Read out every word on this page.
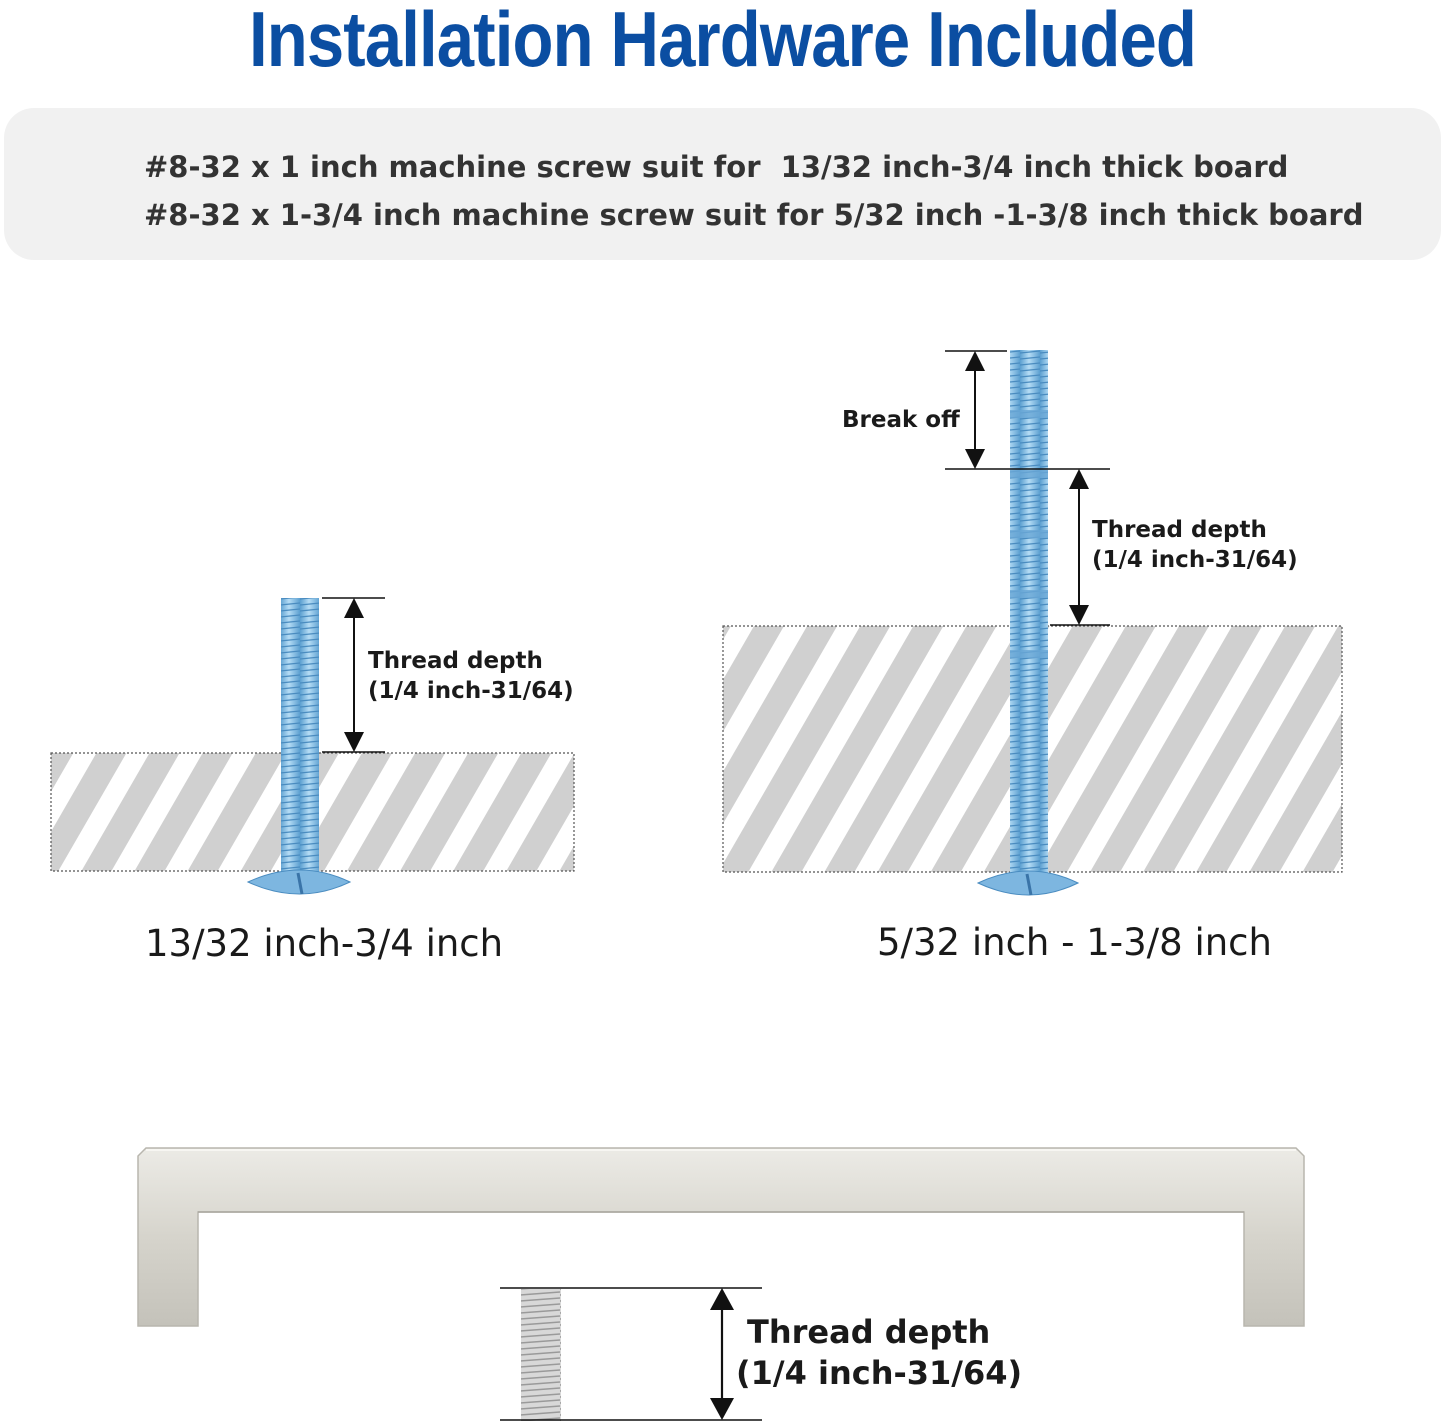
Installation Hardware Included
#8-32 x 1 inch machine screw suit for  13/32 inch-3/4 inch thick board
#8-32 x 1-3/4 inch machine screw suit for 5/32 inch -1-3/8 inch thick board
Thread depth
(1/4 inch-31/64)
13/32 inch-3/4 inch
Break off
Thread depth
(1/4 inch-31/64)
5/32 inch - 1-3/8 inch
Thread depth
(1/4 inch-31/64)
